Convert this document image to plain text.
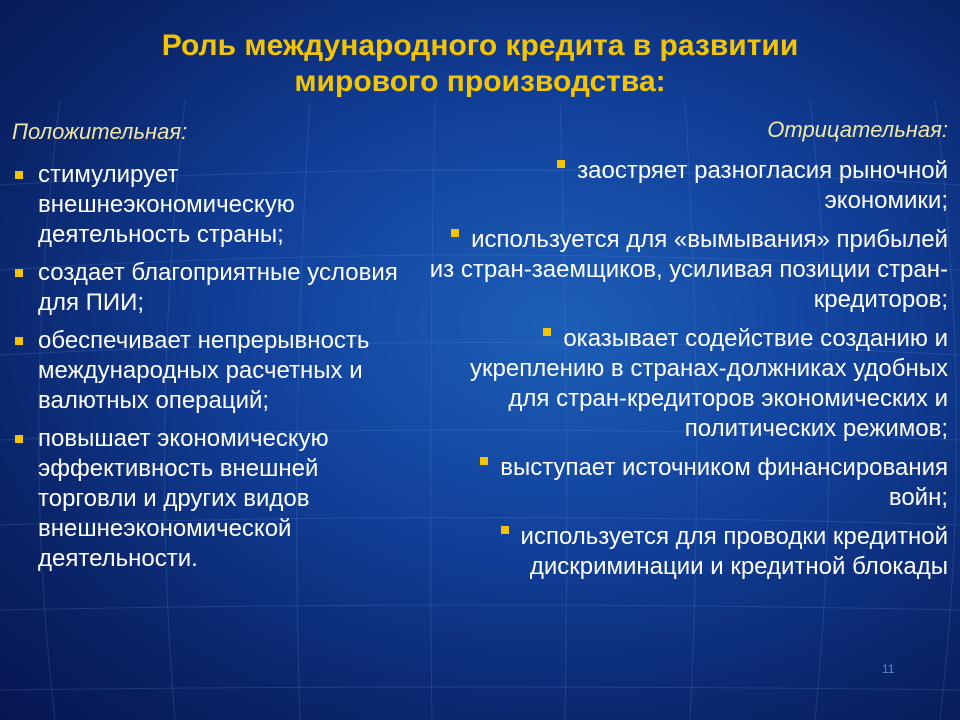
Роль международного кредита в развитии
мирового производства:
Положительная:	Отрицательная:
стимулирует внешнеэкономическую деятельность страны;
создает благоприятные условия для ПИИ;
обеспечивает непрерывность международных расчетных и валютных операций;
повышает экономическую эффективность внешней торговли и других видов внешнеэкономической деятельности.
заостряет разногласия рыночной экономики;
используется для «вымывания» прибылей из стран-заемщиков, усиливая позиции стран-кредиторов;
оказывает содействие созданию и укреплению в странах-должниках удобных для стран-кредиторов экономических и политических режимов;
выступает источником финансирования войн;
используется для проводки кредитной дискриминации и кредитной блокады
11
